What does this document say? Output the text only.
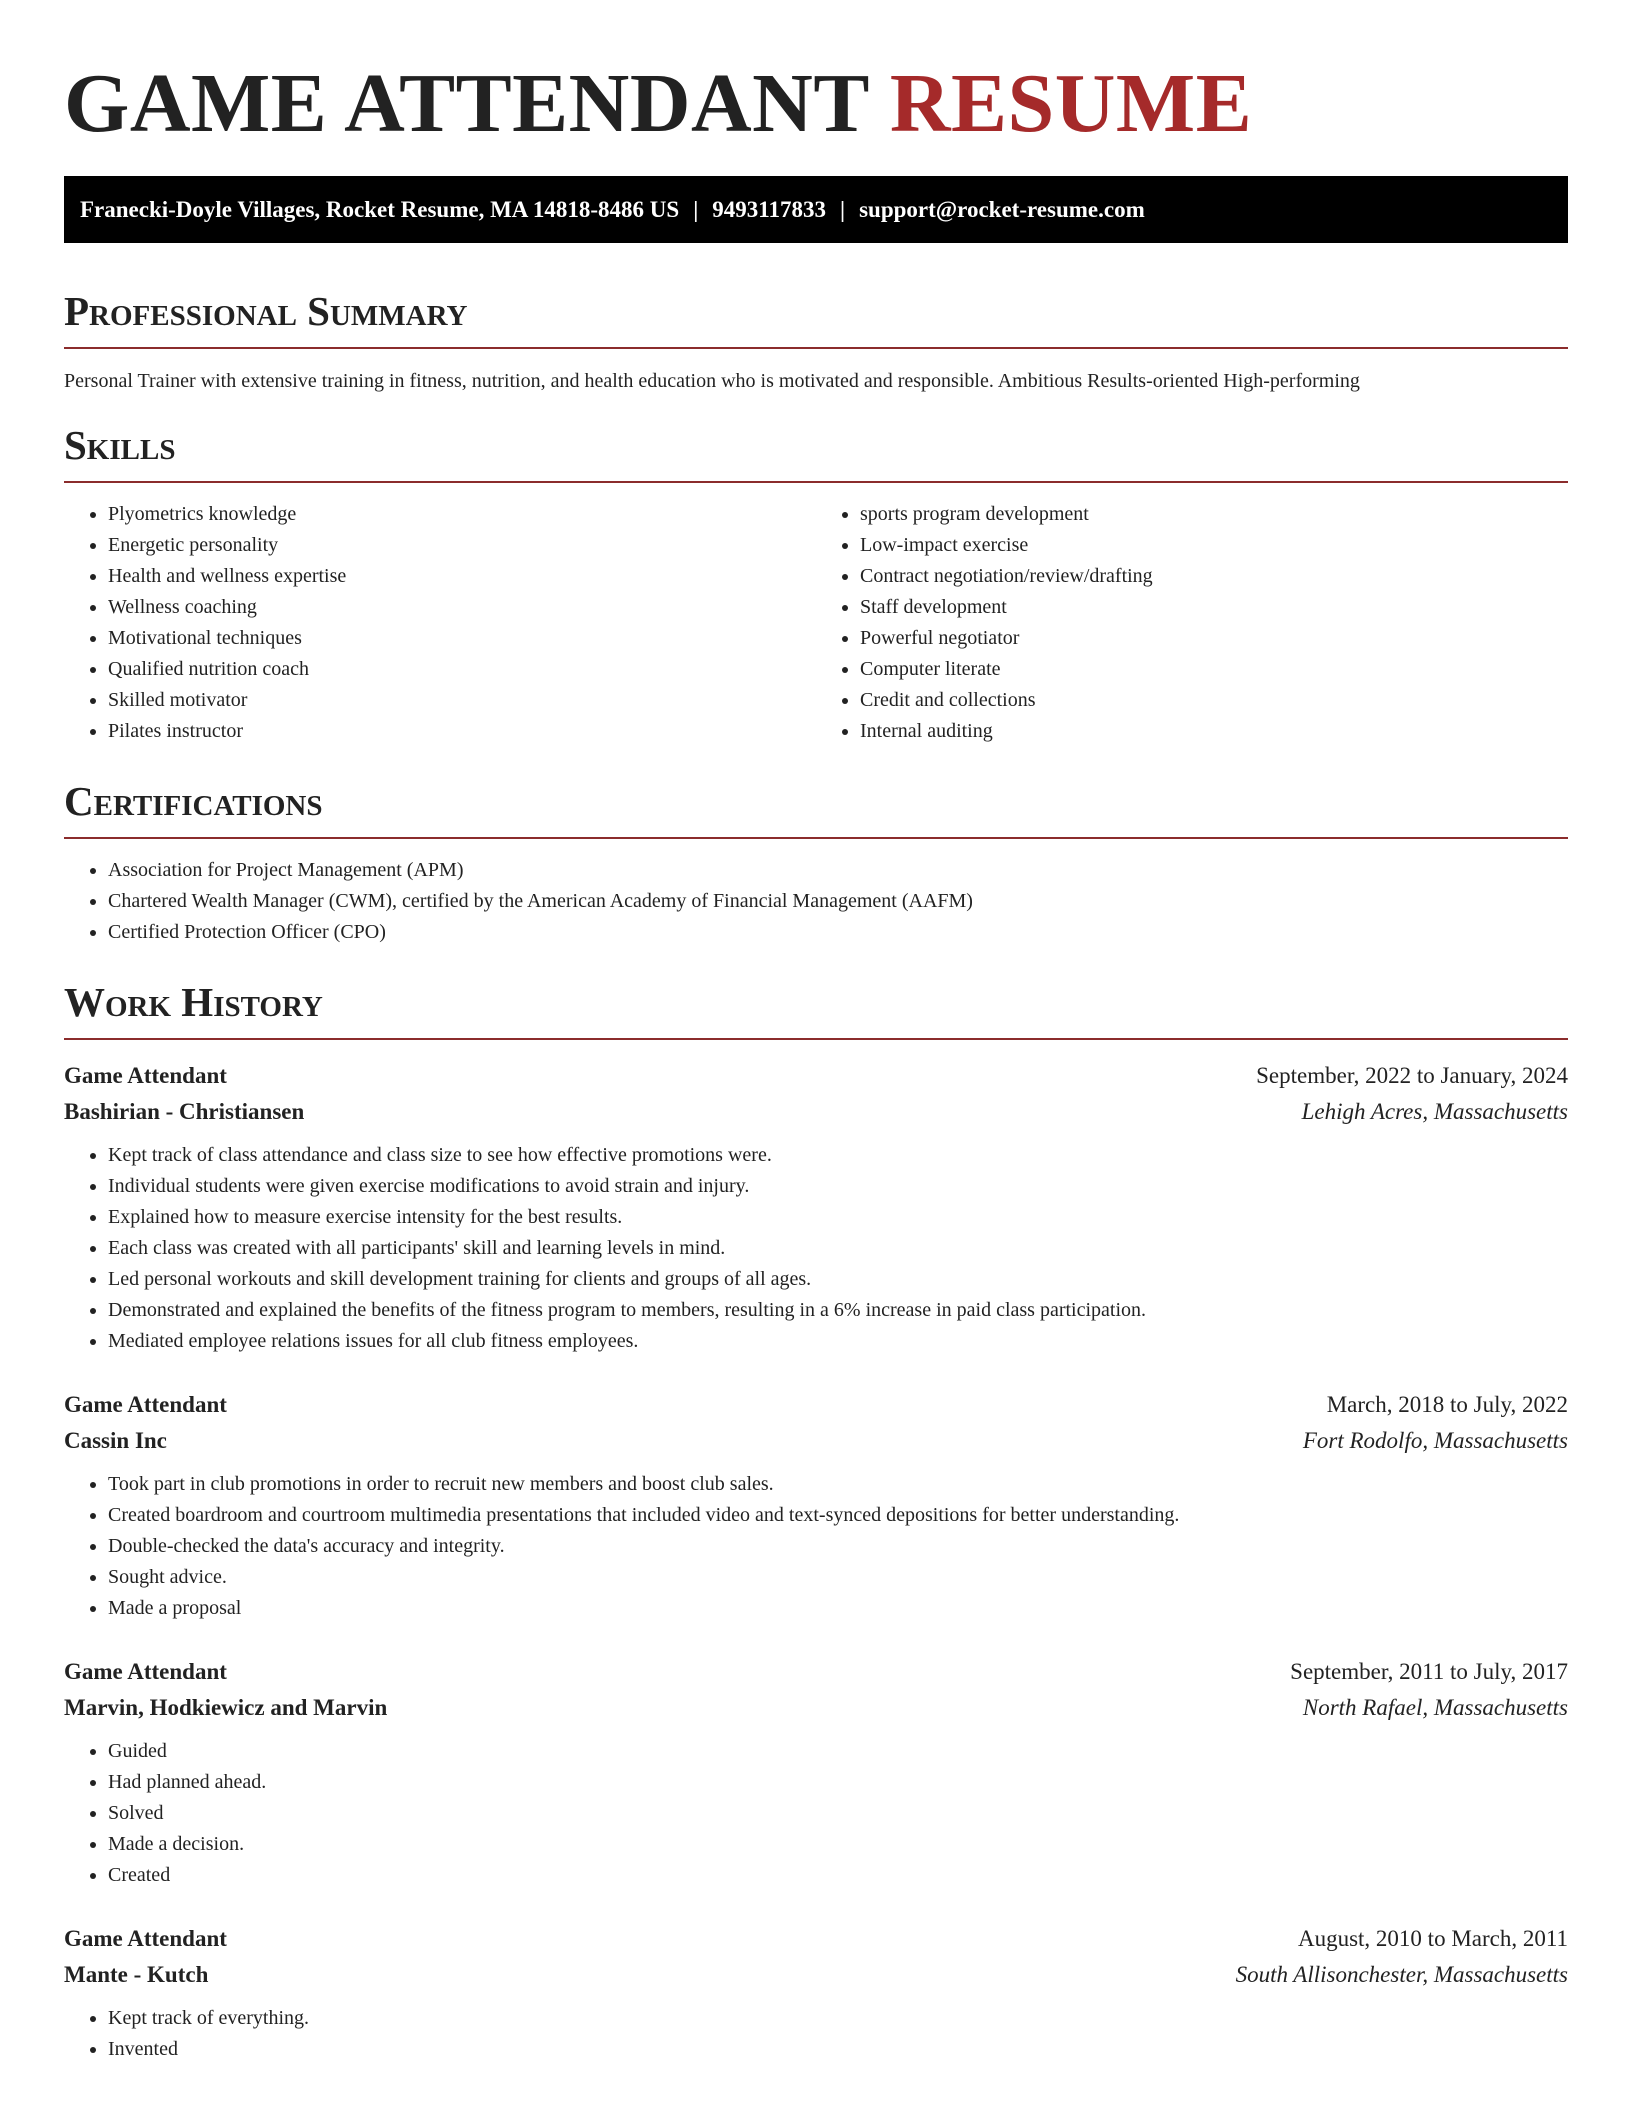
GAME ATTENDANT RESUME
Franecki-Doyle Villages, Rocket Resume, MA 14818-8486 US | 9493117833 | support@rocket-resume.com
Professional Summary

Personal Trainer with extensive training in fitness, nutrition, and health education who is motivated and responsible. Ambitious Results-oriented High-performing

Skills
• Plyometrics knowledge
• Energetic personality
• Health and wellness expertise
• Wellness coaching
• Motivational techniques
• Qualified nutrition coach
• Skilled motivator
• Pilates instructor
• sports program development
• Low-impact exercise
• Contract negotiation/review/drafting
• Staff development
• Powerful negotiator
• Computer literate
• Credit and collections
• Internal auditing
Certifications
• Association for Project Management (APM)
• Chartered Wealth Manager (CWM), certified by the American Academy of Financial Management (AAFM)
• Certified Protection Officer (CPO)
Work History
Game Attendant	September, 2022 to January, 2024
Bashirian - Christiansen	Lehigh Acres, Massachusetts
• Kept track of class attendance and class size to see how effective promotions were.
• Individual students were given exercise modifications to avoid strain and injury.
• Explained how to measure exercise intensity for the best results.
• Each class was created with all participants' skill and learning levels in mind.
• Led personal workouts and skill development training for clients and groups of all ages.
• Demonstrated and explained the benefits of the fitness program to members, resulting in a 6% increase in paid class participation.
• Mediated employee relations issues for all club fitness employees.
Game Attendant	March, 2018 to July, 2022
Cassin Inc	Fort Rodolfo, Massachusetts
• Took part in club promotions in order to recruit new members and boost club sales.
• Created boardroom and courtroom multimedia presentations that included video and text-synced depositions for better understanding.
• Double-checked the data's accuracy and integrity.
• Sought advice.
• Made a proposal
Game Attendant	September, 2011 to July, 2017
Marvin, Hodkiewicz and Marvin	North Rafael, Massachusetts
• Guided
• Had planned ahead.
• Solved
• Made a decision.
• Created
Game Attendant	August, 2010 to March, 2011
Mante - Kutch	South Allisonchester, Massachusetts
• Kept track of everything.
• Invented
